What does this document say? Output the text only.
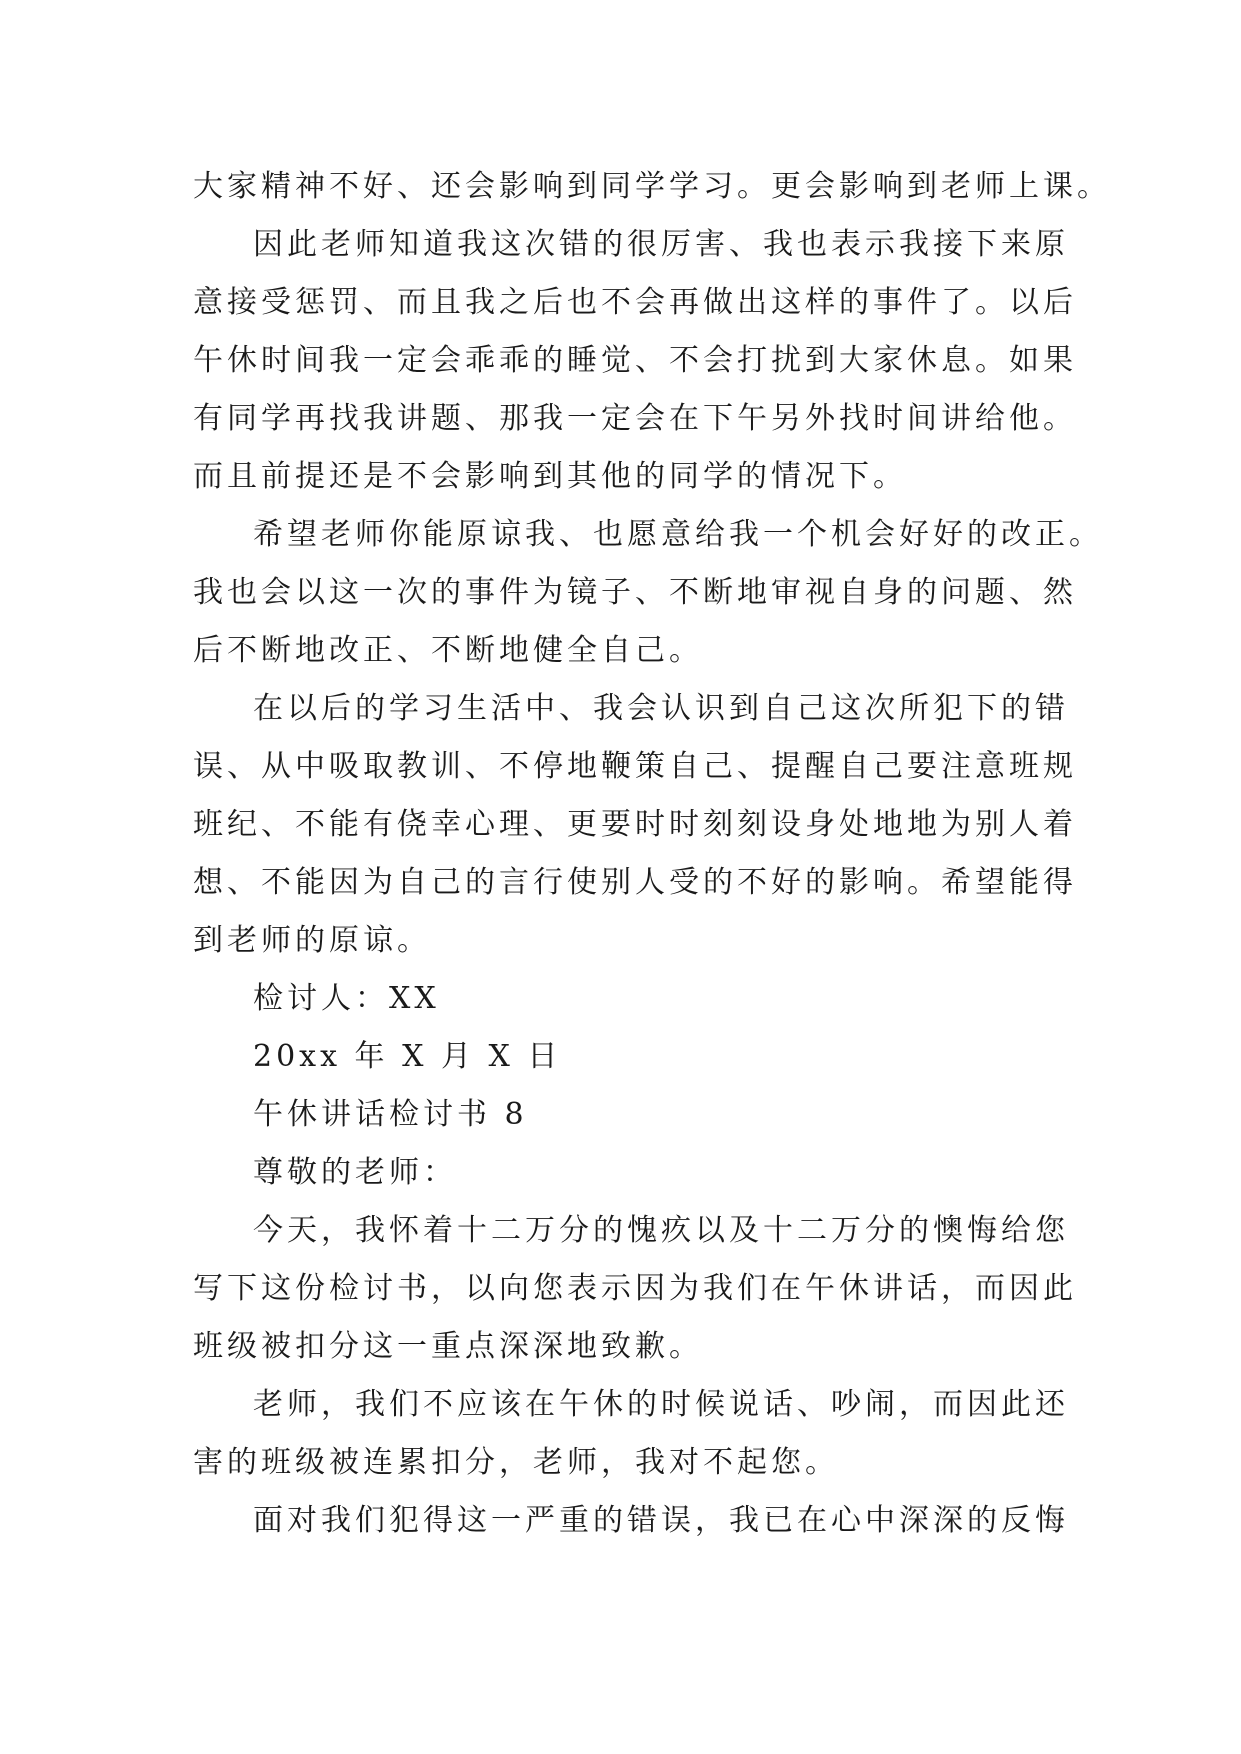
大家精神不好、还会影响到同学学习。更会影响到老师上课。
因此老师知道我这次错的很厉害、我也表示我接下来原
意接受惩罚、而且我之后也不会再做出这样的事件了。以后
午休时间我一定会乖乖的睡觉、不会打扰到大家休息。如果
有同学再找我讲题、那我一定会在下午另外找时间讲给他。
而且前提还是不会影响到其他的同学的情况下。
希望老师你能原谅我、也愿意给我一个机会好好的改正。
我也会以这一次的事件为镜子、不断地审视自身的问题、然
后不断地改正、不断地健全自己。
在以后的学习生活中、我会认识到自己这次所犯下的错
误、从中吸取教训、不停地鞭策自己、提醒自己要注意班规
班纪、不能有侥幸心理、更要时时刻刻设身处地地为别人着
想、不能因为自己的言行使别人受的不好的影响。希望能得
到老师的原谅。
检讨人：XX
20xx 年 X 月 X 日
午休讲话检讨书 8
尊敬的老师：
今天，我怀着十二万分的愧疚以及十二万分的懊悔给您
写下这份检讨书，以向您表示因为我们在午休讲话，而因此
班级被扣分这一重点深深地致歉。
老师，我们不应该在午休的时候说话、吵闹，而因此还
害的班级被连累扣分，老师，我对不起您。
面对我们犯得这一严重的错误，我已在心中深深的反悔
